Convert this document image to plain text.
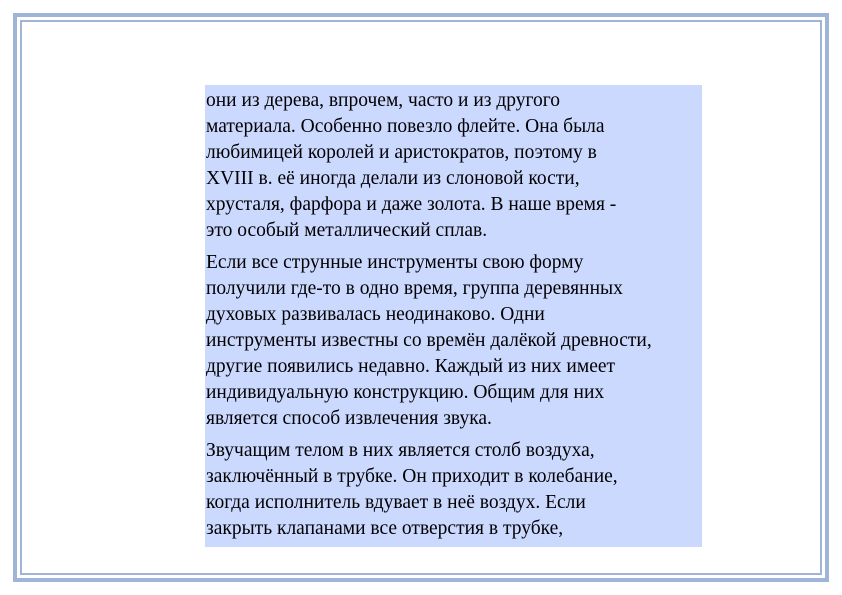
они из дерева, впрочем, часто и из другого
материала. Особенно повезло флейте. Она была
любимицей королей и аристократов, поэтому в
XVIII в. её иногда делали из слоновой кости,
хрусталя, фарфора и даже золота. В наше время -
это особый металлический сплав.

Если все струнные инструменты свою форму
получили где-то в одно время, группа деревянных
духовых развивалась неодинаково. Одни
инструменты известны со времён далёкой древности,
другие появились недавно. Каждый из них имеет
индивидуальную конструкцию. Общим для них
является способ извлечения звука.

Звучащим телом в них является столб воздуха,
заключённый в трубке. Он приходит в колебание,
когда исполнитель вдувает в неё воздух. Если
закрыть клапанами все отверстия в трубке,
